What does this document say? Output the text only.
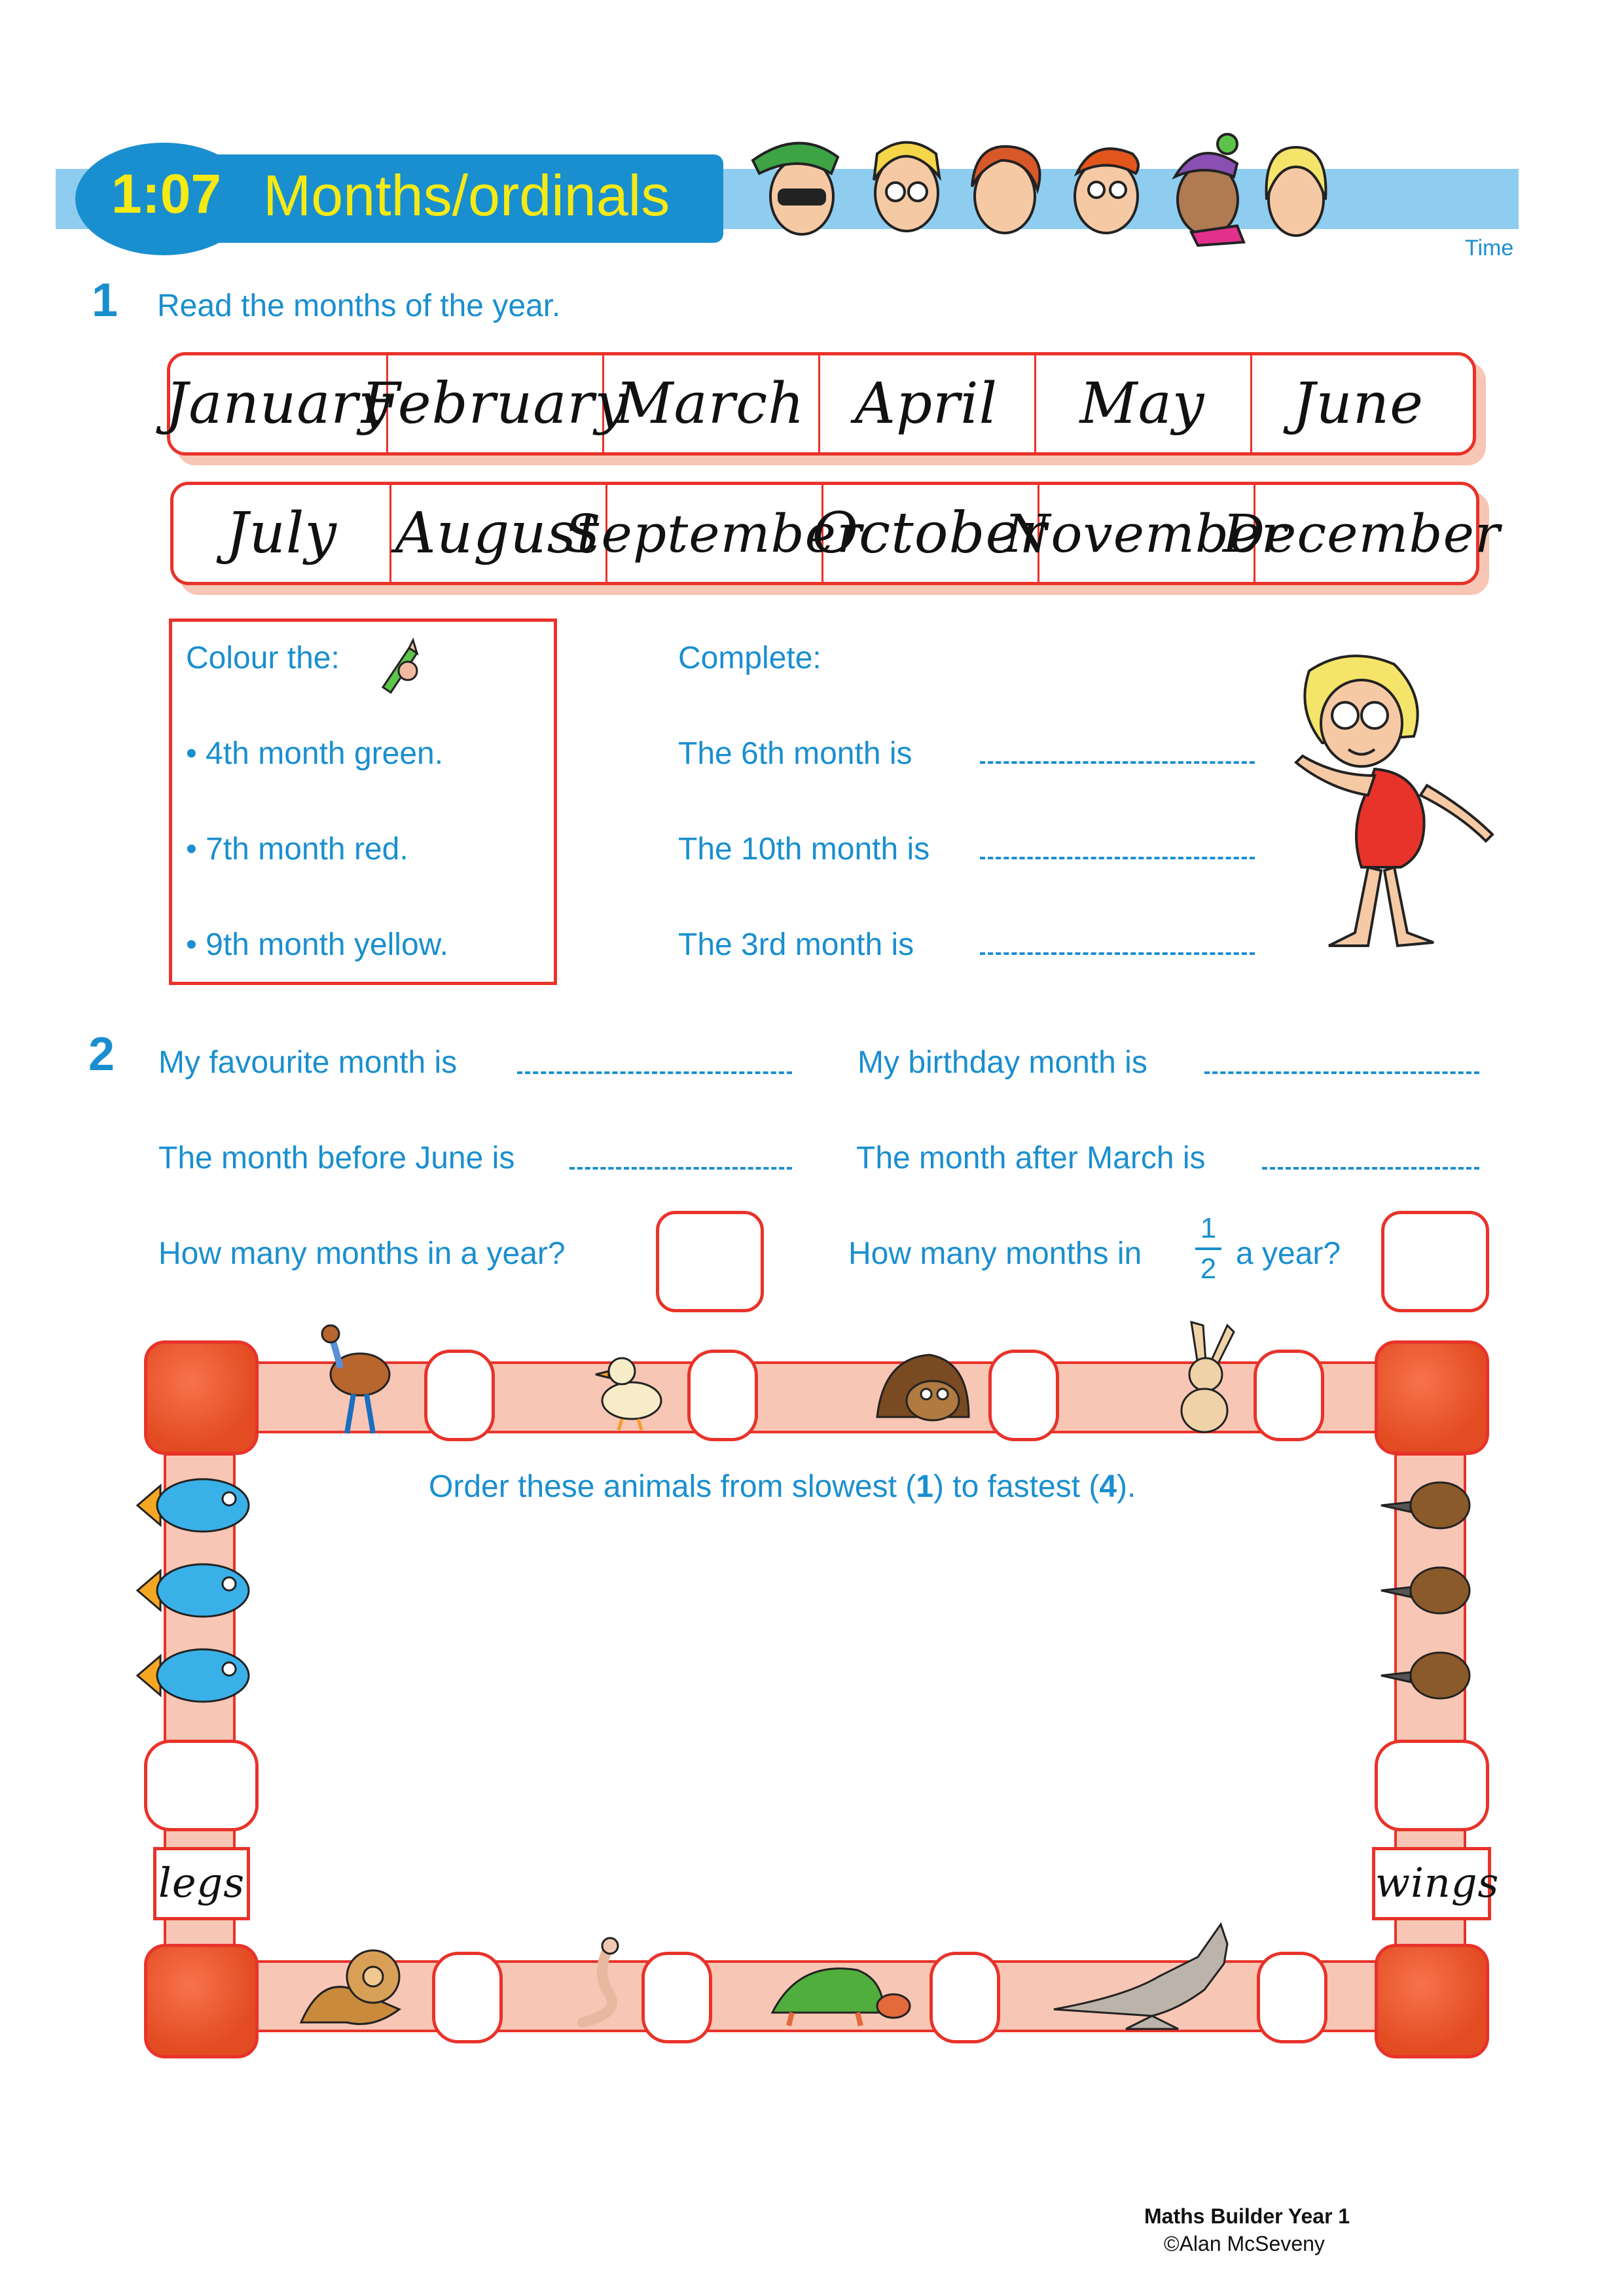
1:07 Months/ordinals
Time
1 Read the months of the year.
January
February
March April	May	June
July	August
September
October
November
December
Colour the:
• 4th month green.
• 7th month red.
• 9th month yellow.
Complete:
The 6th month is
The 10th month is
The 3rd month is
2 My favourite month is	My birthday month is
The month before June is	The month after March is
How many months in a year?	How many months in
1
2 a year?
legs	wings
Order these animals from slowest (1) to fastest (4).
Maths Builder Year 1
©Alan McSeveny
